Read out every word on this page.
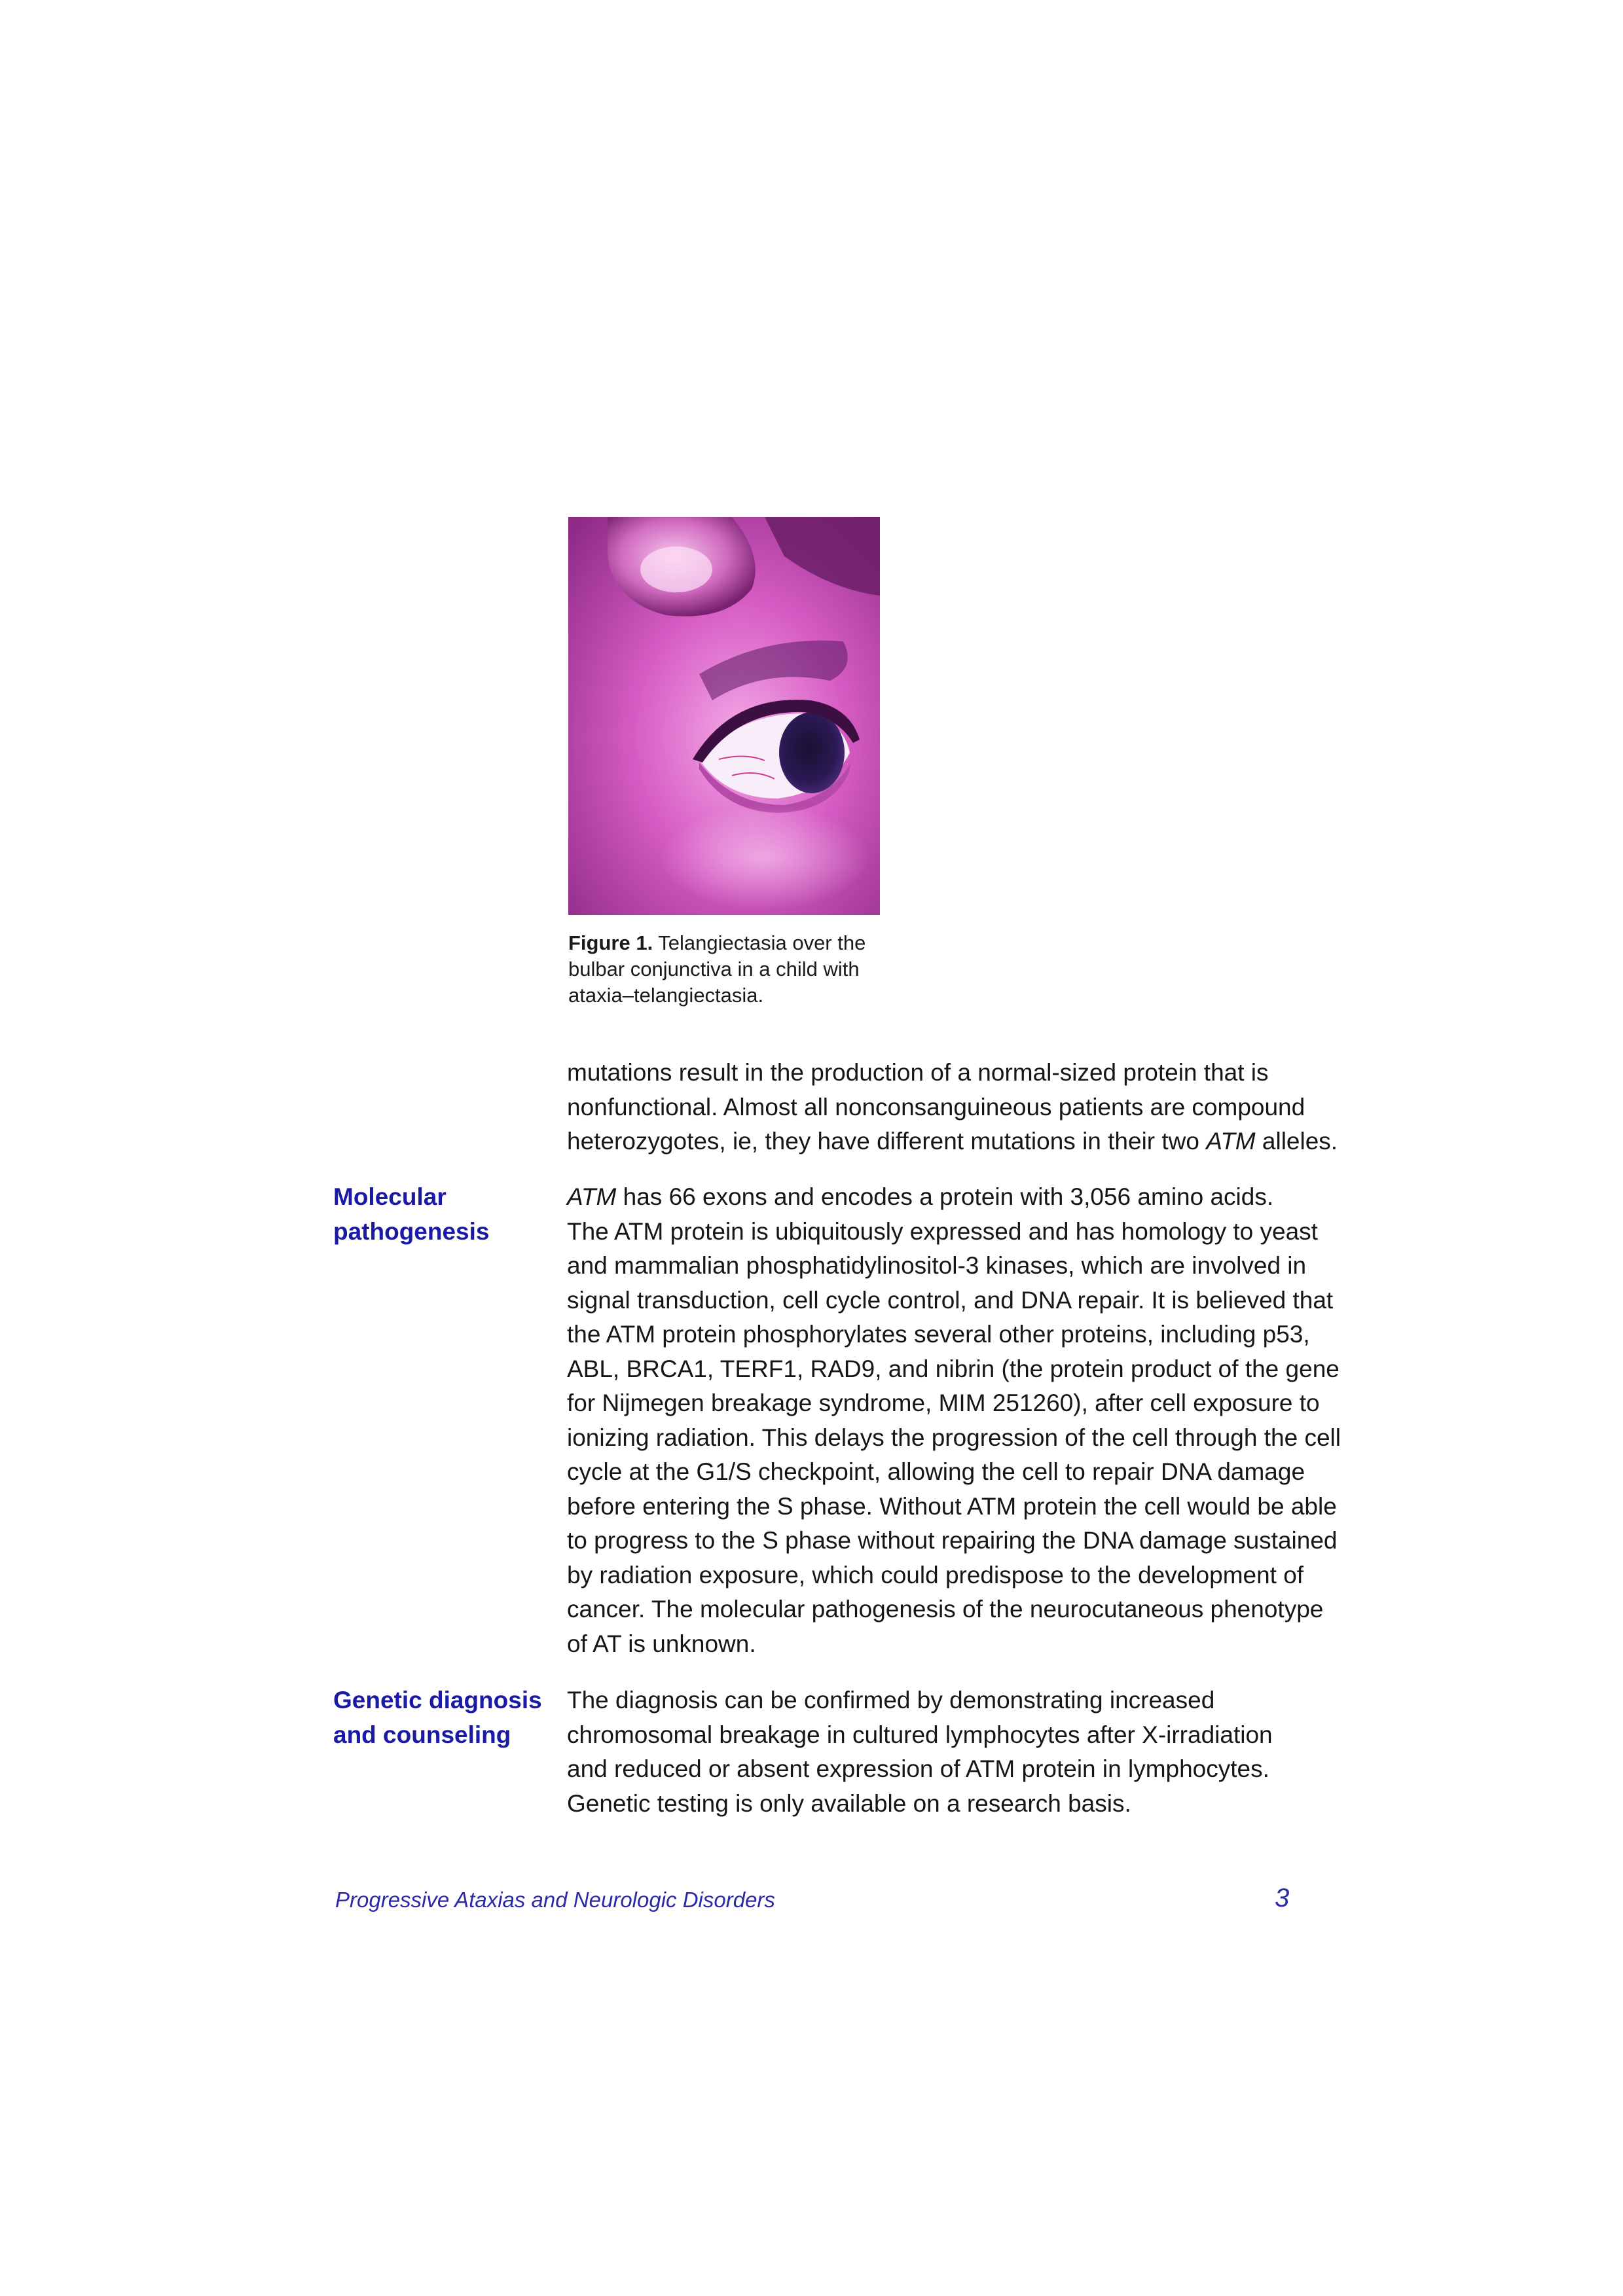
Figure 1. Telangiectasia over the
bulbar conjunctiva in a child with
ataxia–telangiectasia.
mutations result in the production of a normal-sized protein that is
nonfunctional. Almost all nonconsanguineous patients are compound
heterozygotes, ie, they have different mutations in their two ATM alleles.
Molecular
pathogenesis
ATM has 66 exons and encodes a protein with 3,056 amino acids.
The ATM protein is ubiquitously expressed and has homology to yeast
and mammalian phosphatidylinositol-3 kinases, which are involved in
signal transduction, cell cycle control, and DNA repair. It is believed that
the ATM protein phosphorylates several other proteins, including p53,
ABL, BRCA1, TERF1, RAD9, and nibrin (the protein product of the gene
for Nijmegen breakage syndrome, MIM 251260), after cell exposure to
ionizing radiation. This delays the progression of the cell through the cell
cycle at the G1/S checkpoint, allowing the cell to repair DNA damage
before entering the S phase. Without ATM protein the cell would be able
to progress to the S phase without repairing the DNA damage sustained
by radiation exposure, which could predispose to the development of
cancer. The molecular pathogenesis of the neurocutaneous phenotype
of AT is unknown.
Genetic diagnosis
and counseling
The diagnosis can be confirmed by demonstrating increased
chromosomal breakage in cultured lymphocytes after X-irradiation
and reduced or absent expression of ATM protein in lymphocytes.
Genetic testing is only available on a research basis.
Progressive Ataxias and Neurologic Disorders	3
